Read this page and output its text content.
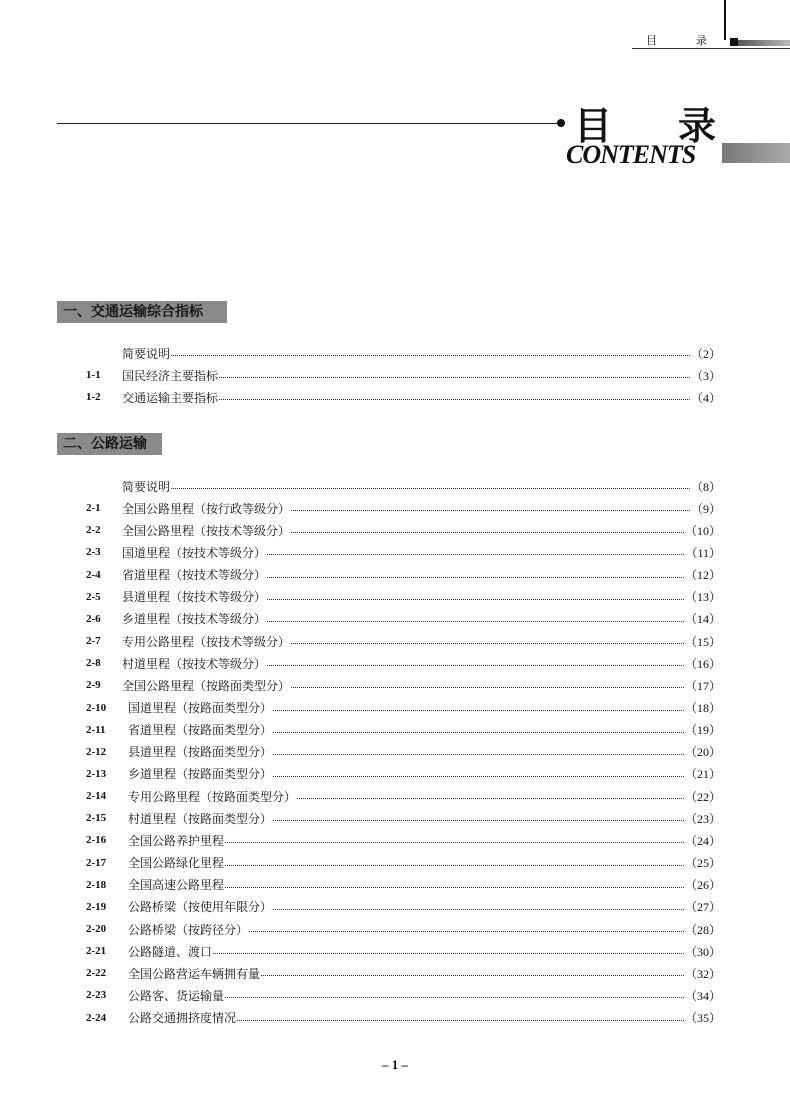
目	录
目 录
CONTENTS
一、交通运输综合指标
二、公路运输
简要说明	（2）
1-1	国民经济主要指标	（3）
1-2	交通运输主要指标	（4）
简要说明	（8）
2-1	全国公路里程（按行政等级分）	（9）
2-2	全国公路里程（按技术等级分）	（10）
2-3	国道里程（按技术等级分）	（11）
2-4	省道里程（按技术等级分）	（12）
2-5	县道里程（按技术等级分）	（13）
2-6	乡道里程（按技术等级分）	（14）
2-7	专用公路里程（按技术等级分）	（15）
2-8	村道里程（按技术等级分）	（16）
2-9	全国公路里程（按路面类型分）	（17）
2-10	国道里程（按路面类型分）	（18）
2-11	省道里程（按路面类型分）	（19）
2-12	县道里程（按路面类型分）	（20）
2-13	乡道里程（按路面类型分）	（21）
2-14	专用公路里程（按路面类型分）	（22）
2-15	村道里程（按路面类型分）	（23）
2-16	全国公路养护里程	（24）
2-17	全国公路绿化里程	（25）
2-18	全国高速公路里程	（26）
2-19	公路桥梁（按使用年限分）	（27）
2-20	公路桥梁（按跨径分）	（28）
2-21	公路隧道、渡口	（30）
2-22	全国公路营运车辆拥有量	（32）
2-23	公路客、货运输量	（34）
2-24	公路交通拥挤度情况	（35）
– 1 –
